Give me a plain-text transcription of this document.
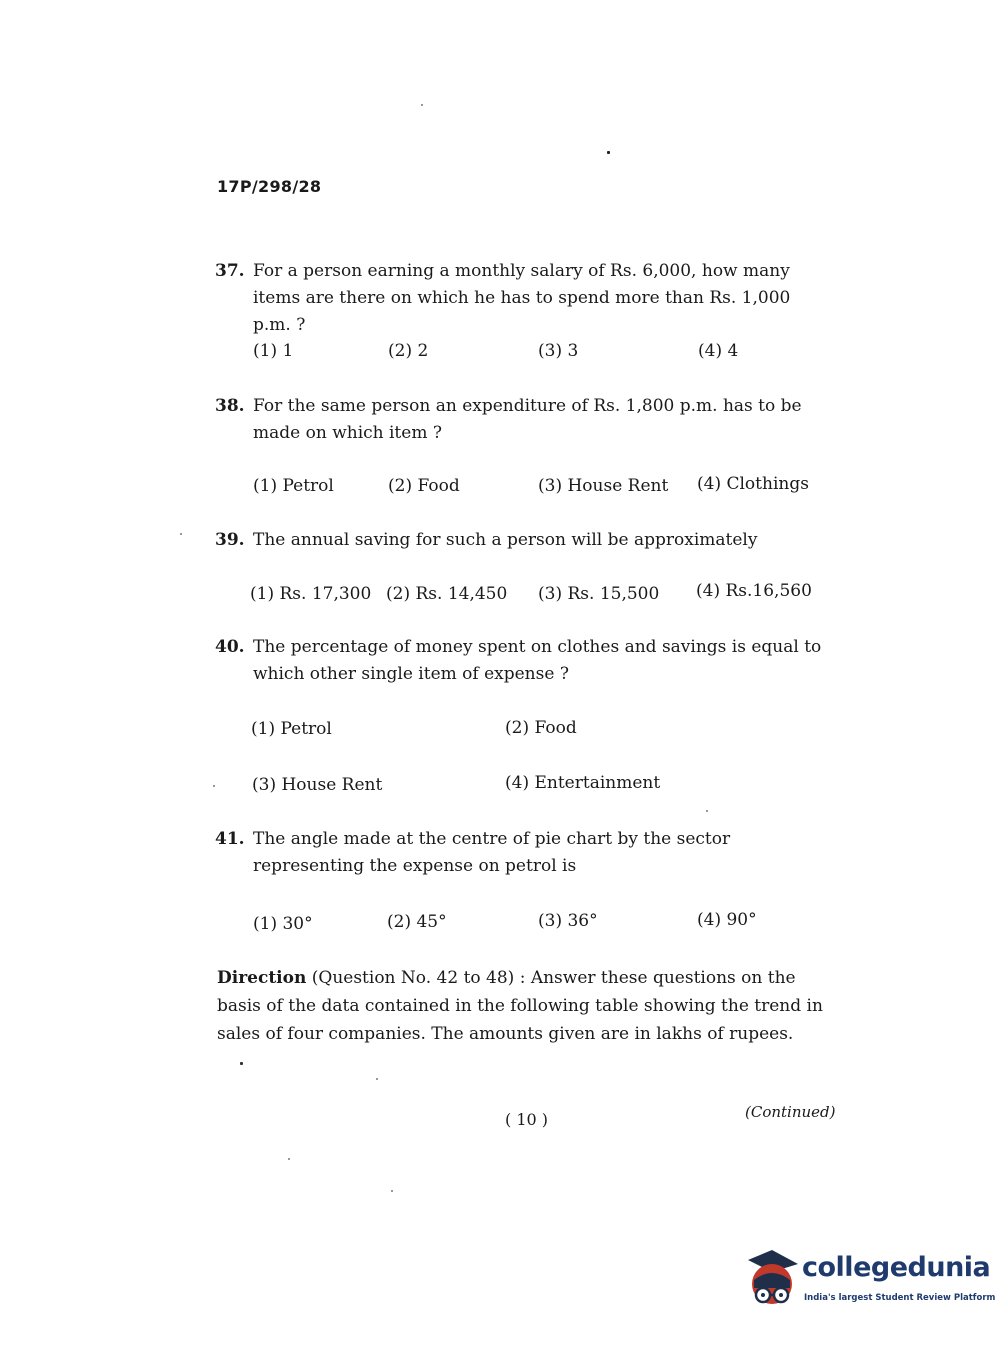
17P/298/28
37. For a person earning a monthly salary of Rs. 6,000, how many items are there on which he has to spend more than Rs. 1,000 p.m. ?
(1) 1	(2) 2	(3) 3	(4) 4
38. For the same person an expenditure of Rs. 1,800 p.m. has to be made on which item ?
(1) Petrol	(2) Food	(3) House Rent (4) Clothings
39. The annual saving for such a person will be approximately
(1) Rs. 17,300 (2) Rs. 14,450 (3) Rs. 15,500 (4) Rs.16,560
40. The percentage of money spent on clothes and savings is equal to which other single item of expense ?
(1) Petrol	(2) Food
(3) House Rent	(4) Entertainment
41. The angle made at the centre of pie chart by the sector representing the expense on petrol is
(1) 30°	(2) 45°	(3) 36°	(4) 90°
Direction (Question No. 42 to 48) : Answer these questions on the basis of the data contained in the following table showing the trend in sales of four companies. The amounts given are in lakhs of rupees.
( 10 )	(Continued)
collegedunia
India's largest Student Review Platform
